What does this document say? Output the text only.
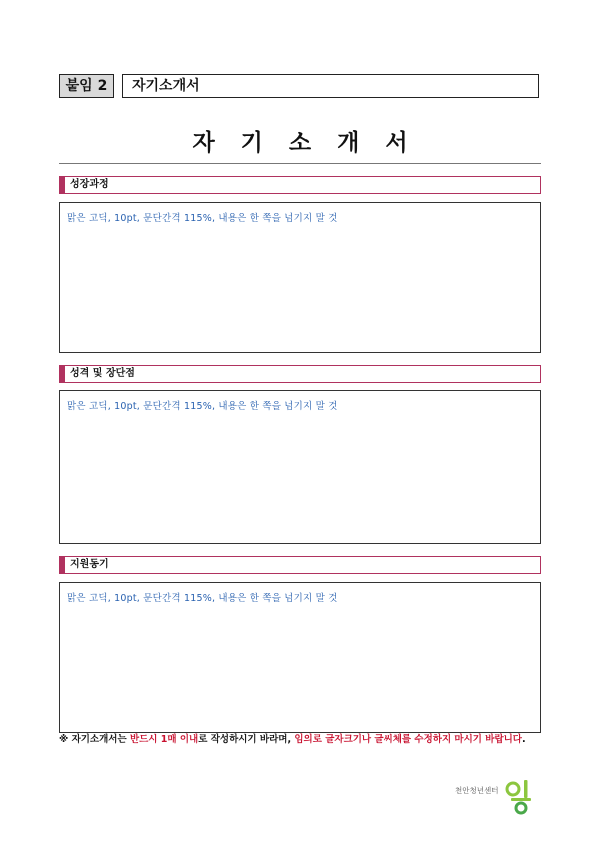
붙임 2	자기소개서
자기소개서
성장과정
맑은 고딕, 10pt, 문단간격 115%, 내용은 한 쪽을 넘기지 말 것
성격 및 장단점
맑은 고딕, 10pt, 문단간격 115%, 내용은 한 쪽을 넘기지 말 것
지원동기
맑은 고딕, 10pt, 문단간격 115%, 내용은 한 쪽을 넘기지 말 것
※ 자기소개서는 반드시 1매 이내로 작성하시기 바라며, 임의로 글자크기나 글씨체를 수정하지 마시기 바랍니다.
천안청년센터
